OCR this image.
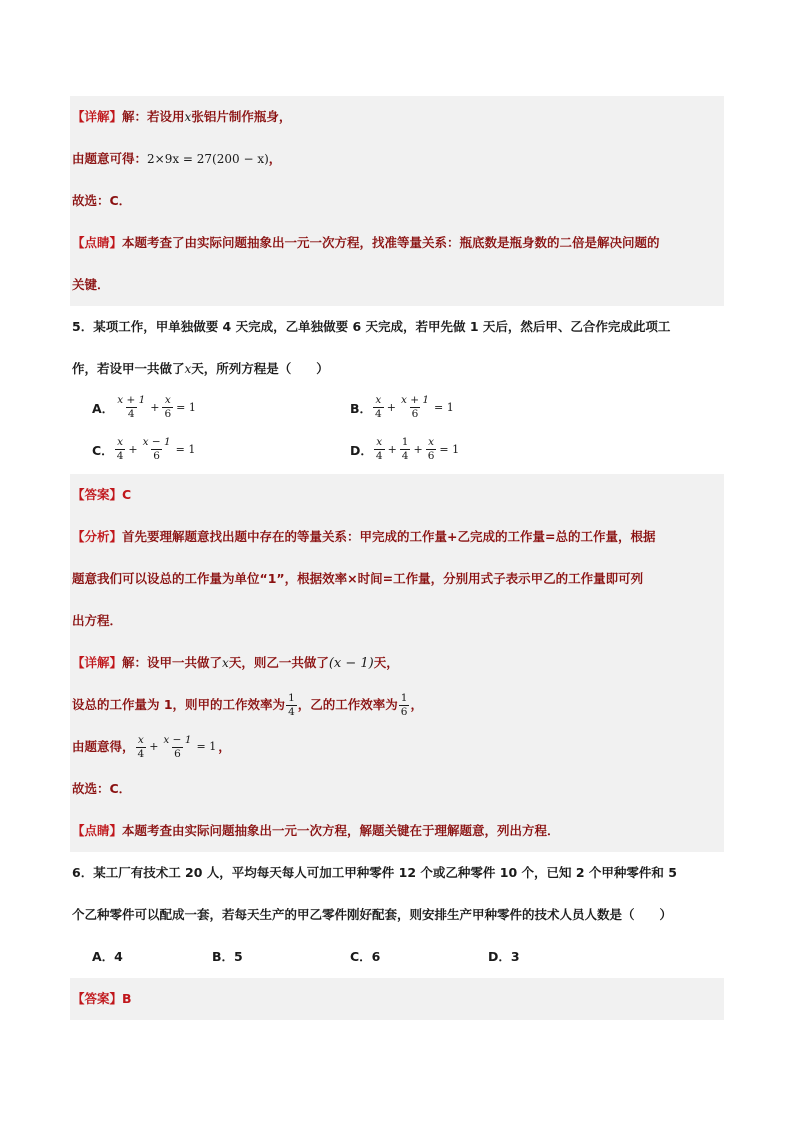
【详解】解：若设用x张铝片制作瓶身，
由题意可得：2×9x = 27(200 − x)，
故选：C．
【点睛】本题考查了由实际问题抽象出一元一次方程，找准等量关系：瓶底数是瓶身数的二倍是解决问题的
关键．
5．某项工作，甲单独做要 4 天完成，乙单独做要 6 天完成，若甲先做 1 天后，然后甲、乙合作完成此项工
作，若设甲一共做了x天，所列方程是（　　）
A． $\frac{x + 1}{4} + \frac{x}{6} = 1$	B． $\frac{x}{4} + \frac{x + 1}{6} = 1$
C． $\frac{x}{4} + \frac{x - 1}{6} = 1$	D． $\frac{x}{4} + \frac{1}{4} + \frac{x}{6} = 1$
【答案】C
【分析】首先要理解题意找出题中存在的等量关系：甲完成的工作量+乙完成的工作量=总的工作量，根据
题意我们可以设总的工作量为单位“1”，根据效率×时间=工作量，分别用式子表示甲乙的工作量即可列
出方程．
【详解】解：设甲一共做了x天，则乙一共做了(x − 1)天，
设总的工作量为 1，则甲的工作效率为 $\frac{1}{4}$ ，乙的工作效率为 $\frac{1}{6}$ ，
由题意得， $\frac{x}{4} + \frac{x - 1}{6} = 1$ ，
故选：C．
【点睛】本题考查由实际问题抽象出一元一次方程，解题关键在于理解题意，列出方程．
6．某工厂有技术工 20 人，平均每天每人可加工甲种零件 12 个或乙种零件 10 个，已知 2 个甲种零件和 5
个乙种零件可以配成一套，若每天生产的甲乙零件刚好配套，则安排生产甲种零件的技术人员人数是（　　）
A．4	B．5	C．6	D．3
【答案】B
